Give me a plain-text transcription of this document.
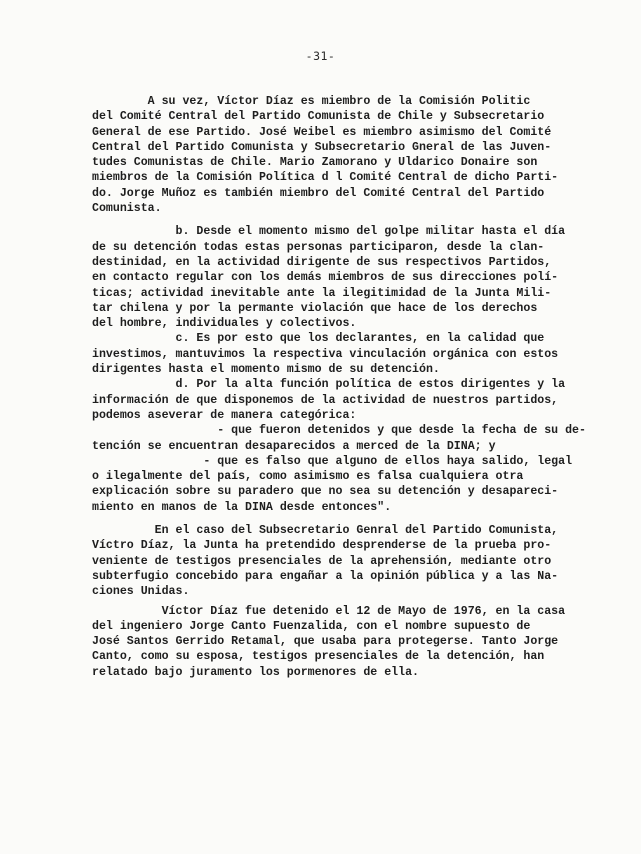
-31-
A su vez, Víctor Díaz es miembro de la Comisión Politic
del Comité Central del Partido Comunista de Chile y Subsecretario
General de ese Partido. José Weibel es miembro asimismo del Comité
Central del Partido Comunista y Subsecretario Gneral de las Juven-
tudes Comunistas de Chile. Mario Zamorano y Uldarico Donaire son
miembros de la Comisión Política d l Comité Central de dicho Parti-
do. Jorge Muñoz es también miembro del Comité Central del Partido
Comunista.
b. Desde el momento mismo del golpe militar hasta el día
de su detención todas estas personas participaron, desde la clan-
destinidad, en la actividad dirigente de sus respectivos Partidos,
en contacto regular con los demás miembros de sus direcciones polí-
ticas; actividad inevitable ante la ilegitimidad de la Junta Mili-
tar chilena y por la permante violación que hace de los derechos
del hombre, individuales y colectivos.
c. Es por esto que los declarantes, en la calidad que
investimos, mantuvimos la respectiva vinculación orgánica con estos
dirigentes hasta el momento mismo de su detención.
d. Por la alta función política de estos dirigentes y la
información de que disponemos de la actividad de nuestros partidos,
podemos aseverar de manera categórica:
- que fueron detenidos y que desde la fecha de su de-
tención se encuentran desaparecidos a merced de la DINA; y
- que es falso que alguno de ellos haya salido, legal
o ilegalmente del país, como asimismo es falsa cualquiera otra
explicación sobre su paradero que no sea su detención y desapareci-
miento en manos de la DINA desde entonces".
En el caso del Subsecretario Genral del Partido Comunista,
Víctro Díaz, la Junta ha pretendido desprenderse de la prueba pro-
veniente de testigos presenciales de la aprehensión, mediante otro
subterfugio concebido para engañar a la opinión pública y a las Na-
ciones Unidas.
Víctor Díaz fue detenido el 12 de Mayo de 1976, en la casa
del ingeniero Jorge Canto Fuenzalida, con el nombre supuesto de
José Santos Gerrido Retamal, que usaba para protegerse. Tanto Jorge
Canto, como su esposa, testigos presenciales de la detención, han
relatado bajo juramento los pormenores de ella.
